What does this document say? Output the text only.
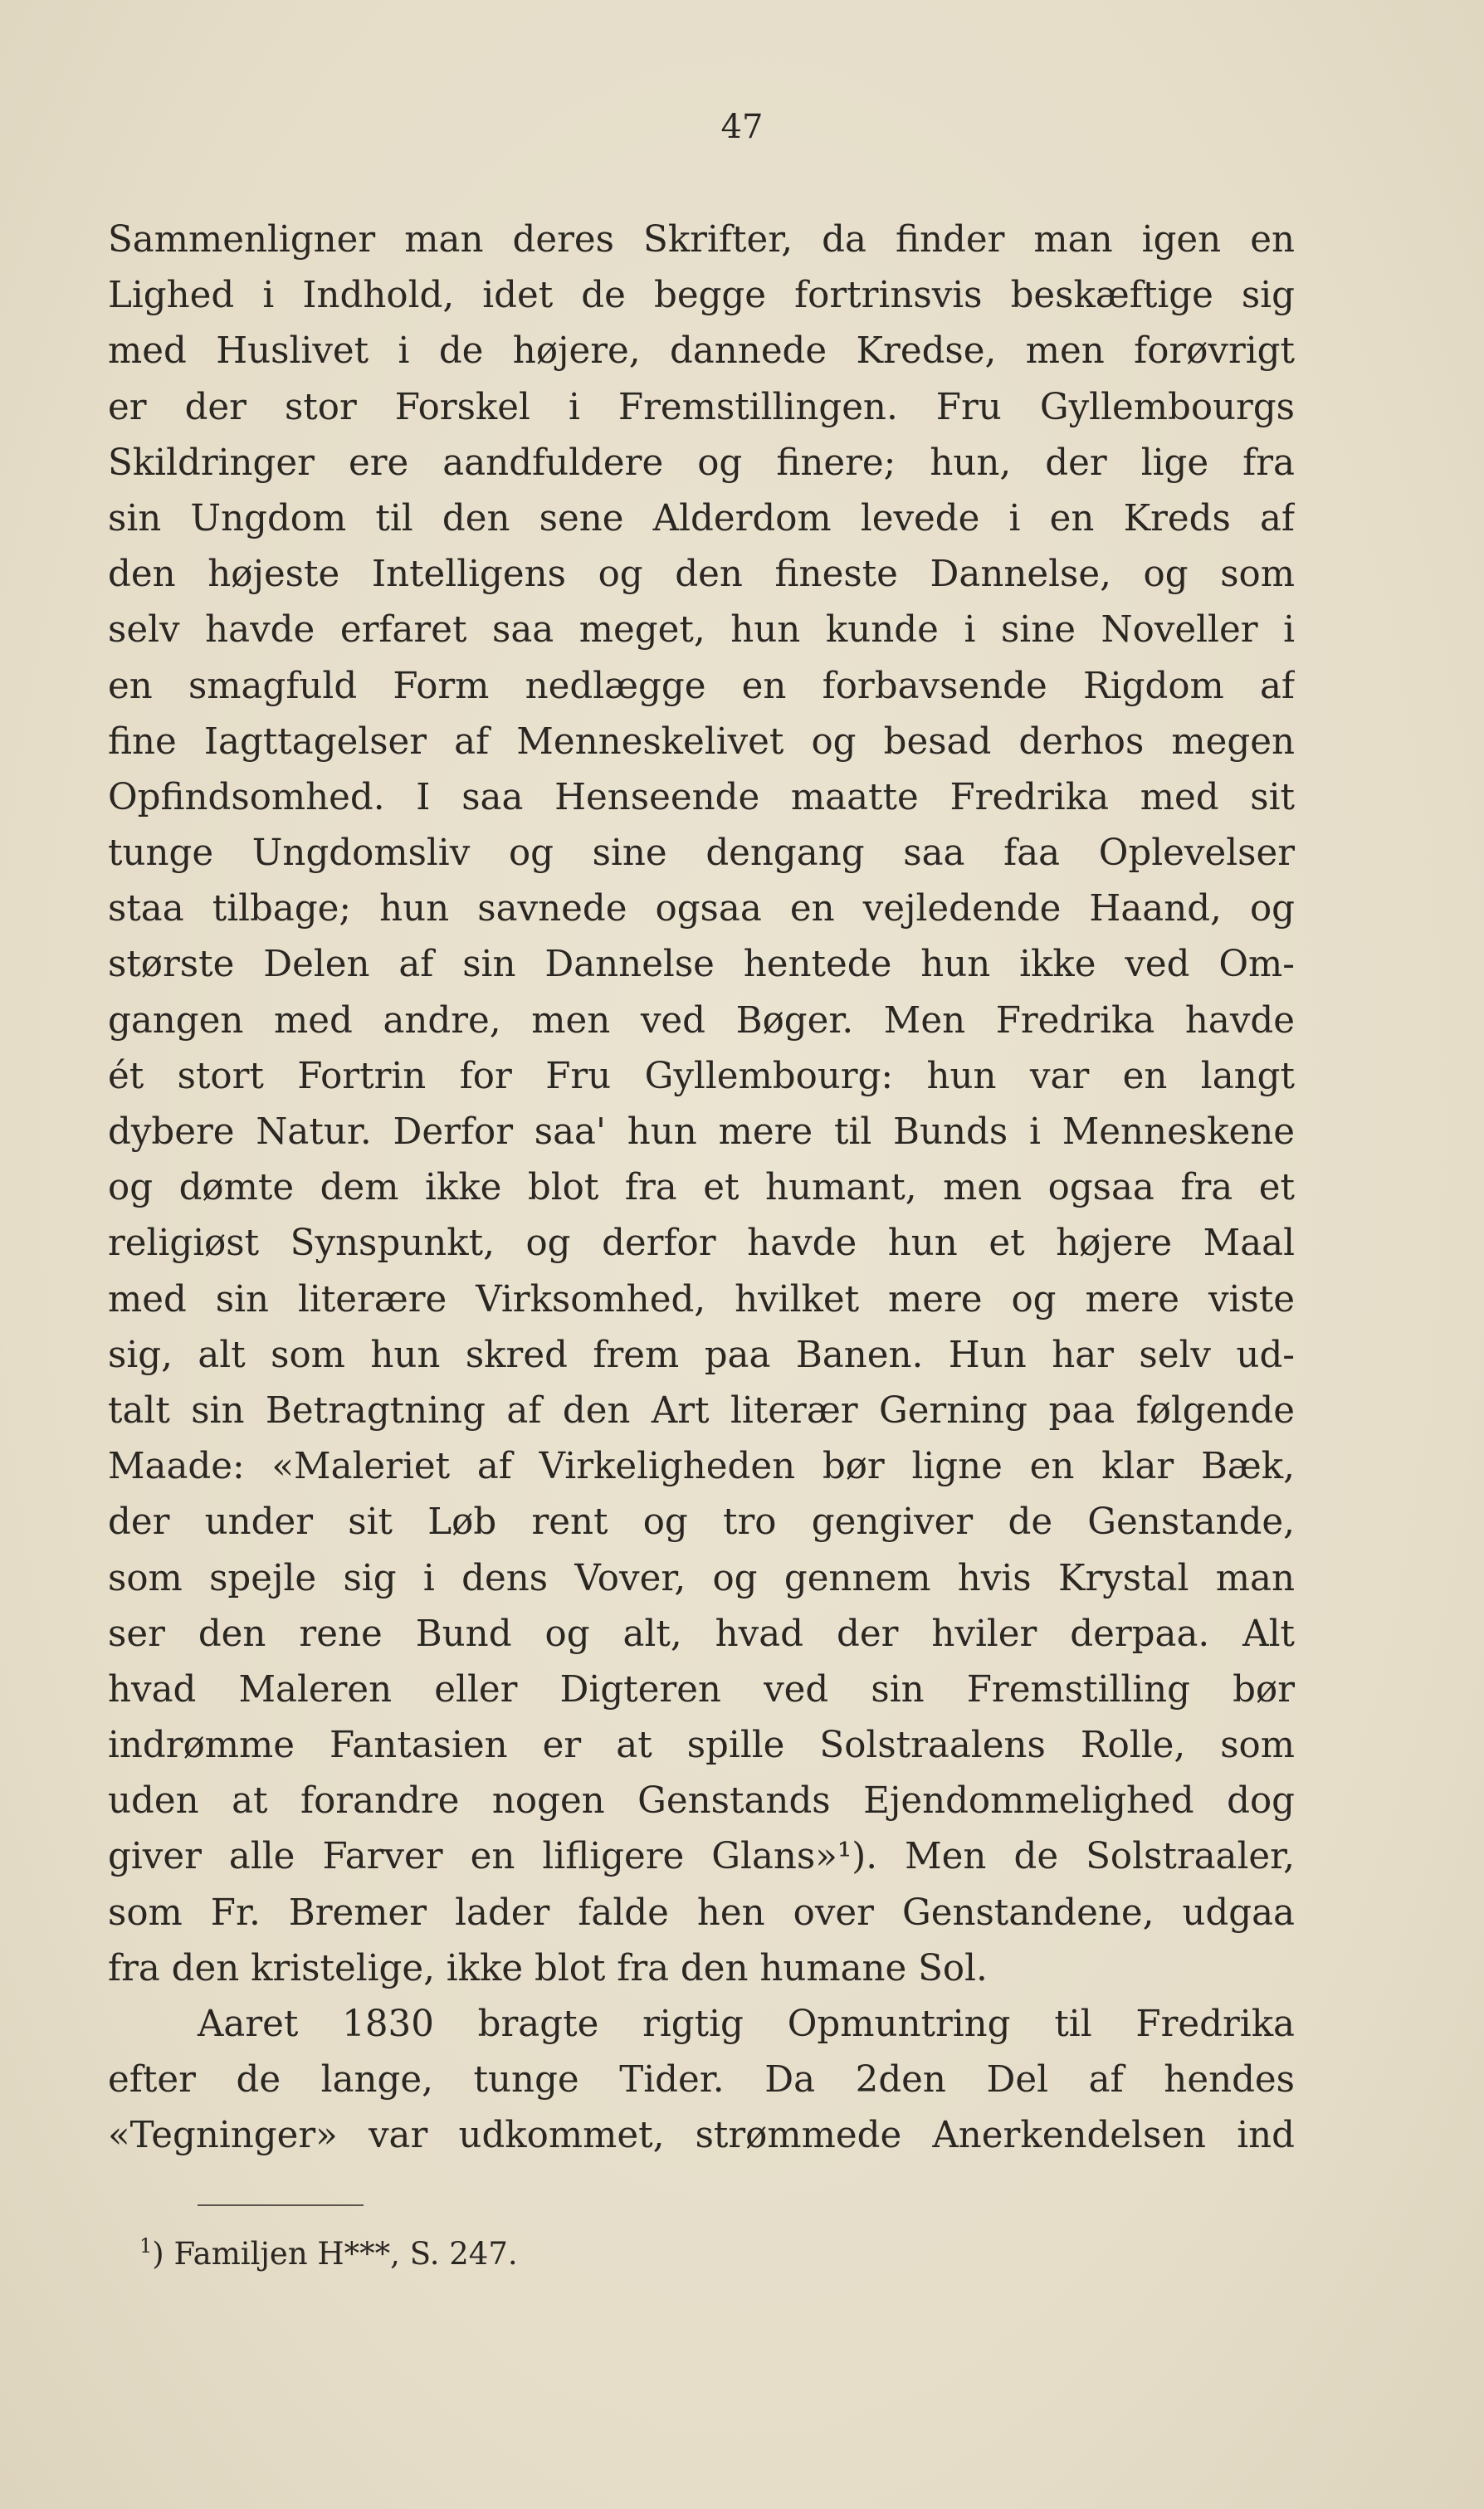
47
Sammenligner man deres Skrifter, da finder man igen en
Lighed i Indhold, idet de begge fortrinsvis beskæftige sig
med Huslivet i de højere, dannede Kredse, men forøvrigt
er der stor Forskel i Fremstillingen. Fru Gyllembourgs
Skildringer ere aandfuldere og finere; hun, der lige fra
sin Ungdom til den sene Alderdom levede i en Kreds af
den højeste Intelligens og den fineste Dannelse, og som
selv havde erfaret saa meget, hun kunde i sine Noveller i
en smagfuld Form nedlægge en forbavsende Rigdom af
fine Iagttagelser af Menneskelivet og besad derhos megen
Opfindsomhed. I saa Henseende maatte Fredrika med sit
tunge Ungdomsliv og sine dengang saa faa Oplevelser
staa tilbage; hun savnede ogsaa en vejledende Haand, og
største Delen af sin Dannelse hentede hun ikke ved Om-
gangen med andre, men ved Bøger. Men Fredrika havde
ét stort Fortrin for Fru Gyllembourg: hun var en langt
dybere Natur. Derfor saa' hun mere til Bunds i Menneskene
og dømte dem ikke blot fra et humant, men ogsaa fra et
religiøst Synspunkt, og derfor havde hun et højere Maal
med sin literære Virksomhed, hvilket mere og mere viste
sig, alt som hun skred frem paa Banen. Hun har selv ud-
talt sin Betragtning af den Art literær Gerning paa følgende
Maade: «Maleriet af Virkeligheden bør ligne en klar Bæk,
der under sit Løb rent og tro gengiver de Genstande,
som spejle sig i dens Vover, og gennem hvis Krystal man
ser den rene Bund og alt, hvad der hviler derpaa. Alt
hvad Maleren eller Digteren ved sin Fremstilling bør
indrømme Fantasien er at spille Solstraalens Rolle, som
uden at forandre nogen Genstands Ejendommelighed dog
giver alle Farver en lifligere Glans»¹). Men de Solstraaler,
som Fr. Bremer lader falde hen over Genstandene, udgaa
fra den kristelige, ikke blot fra den humane Sol.
Aaret 1830 bragte rigtig Opmuntring til Fredrika
efter de lange, tunge Tider. Da 2den Del af hendes
«Tegninger» var udkommet, strømmede Anerkendelsen ind
$^1$) Familjen H***, S. 247.
